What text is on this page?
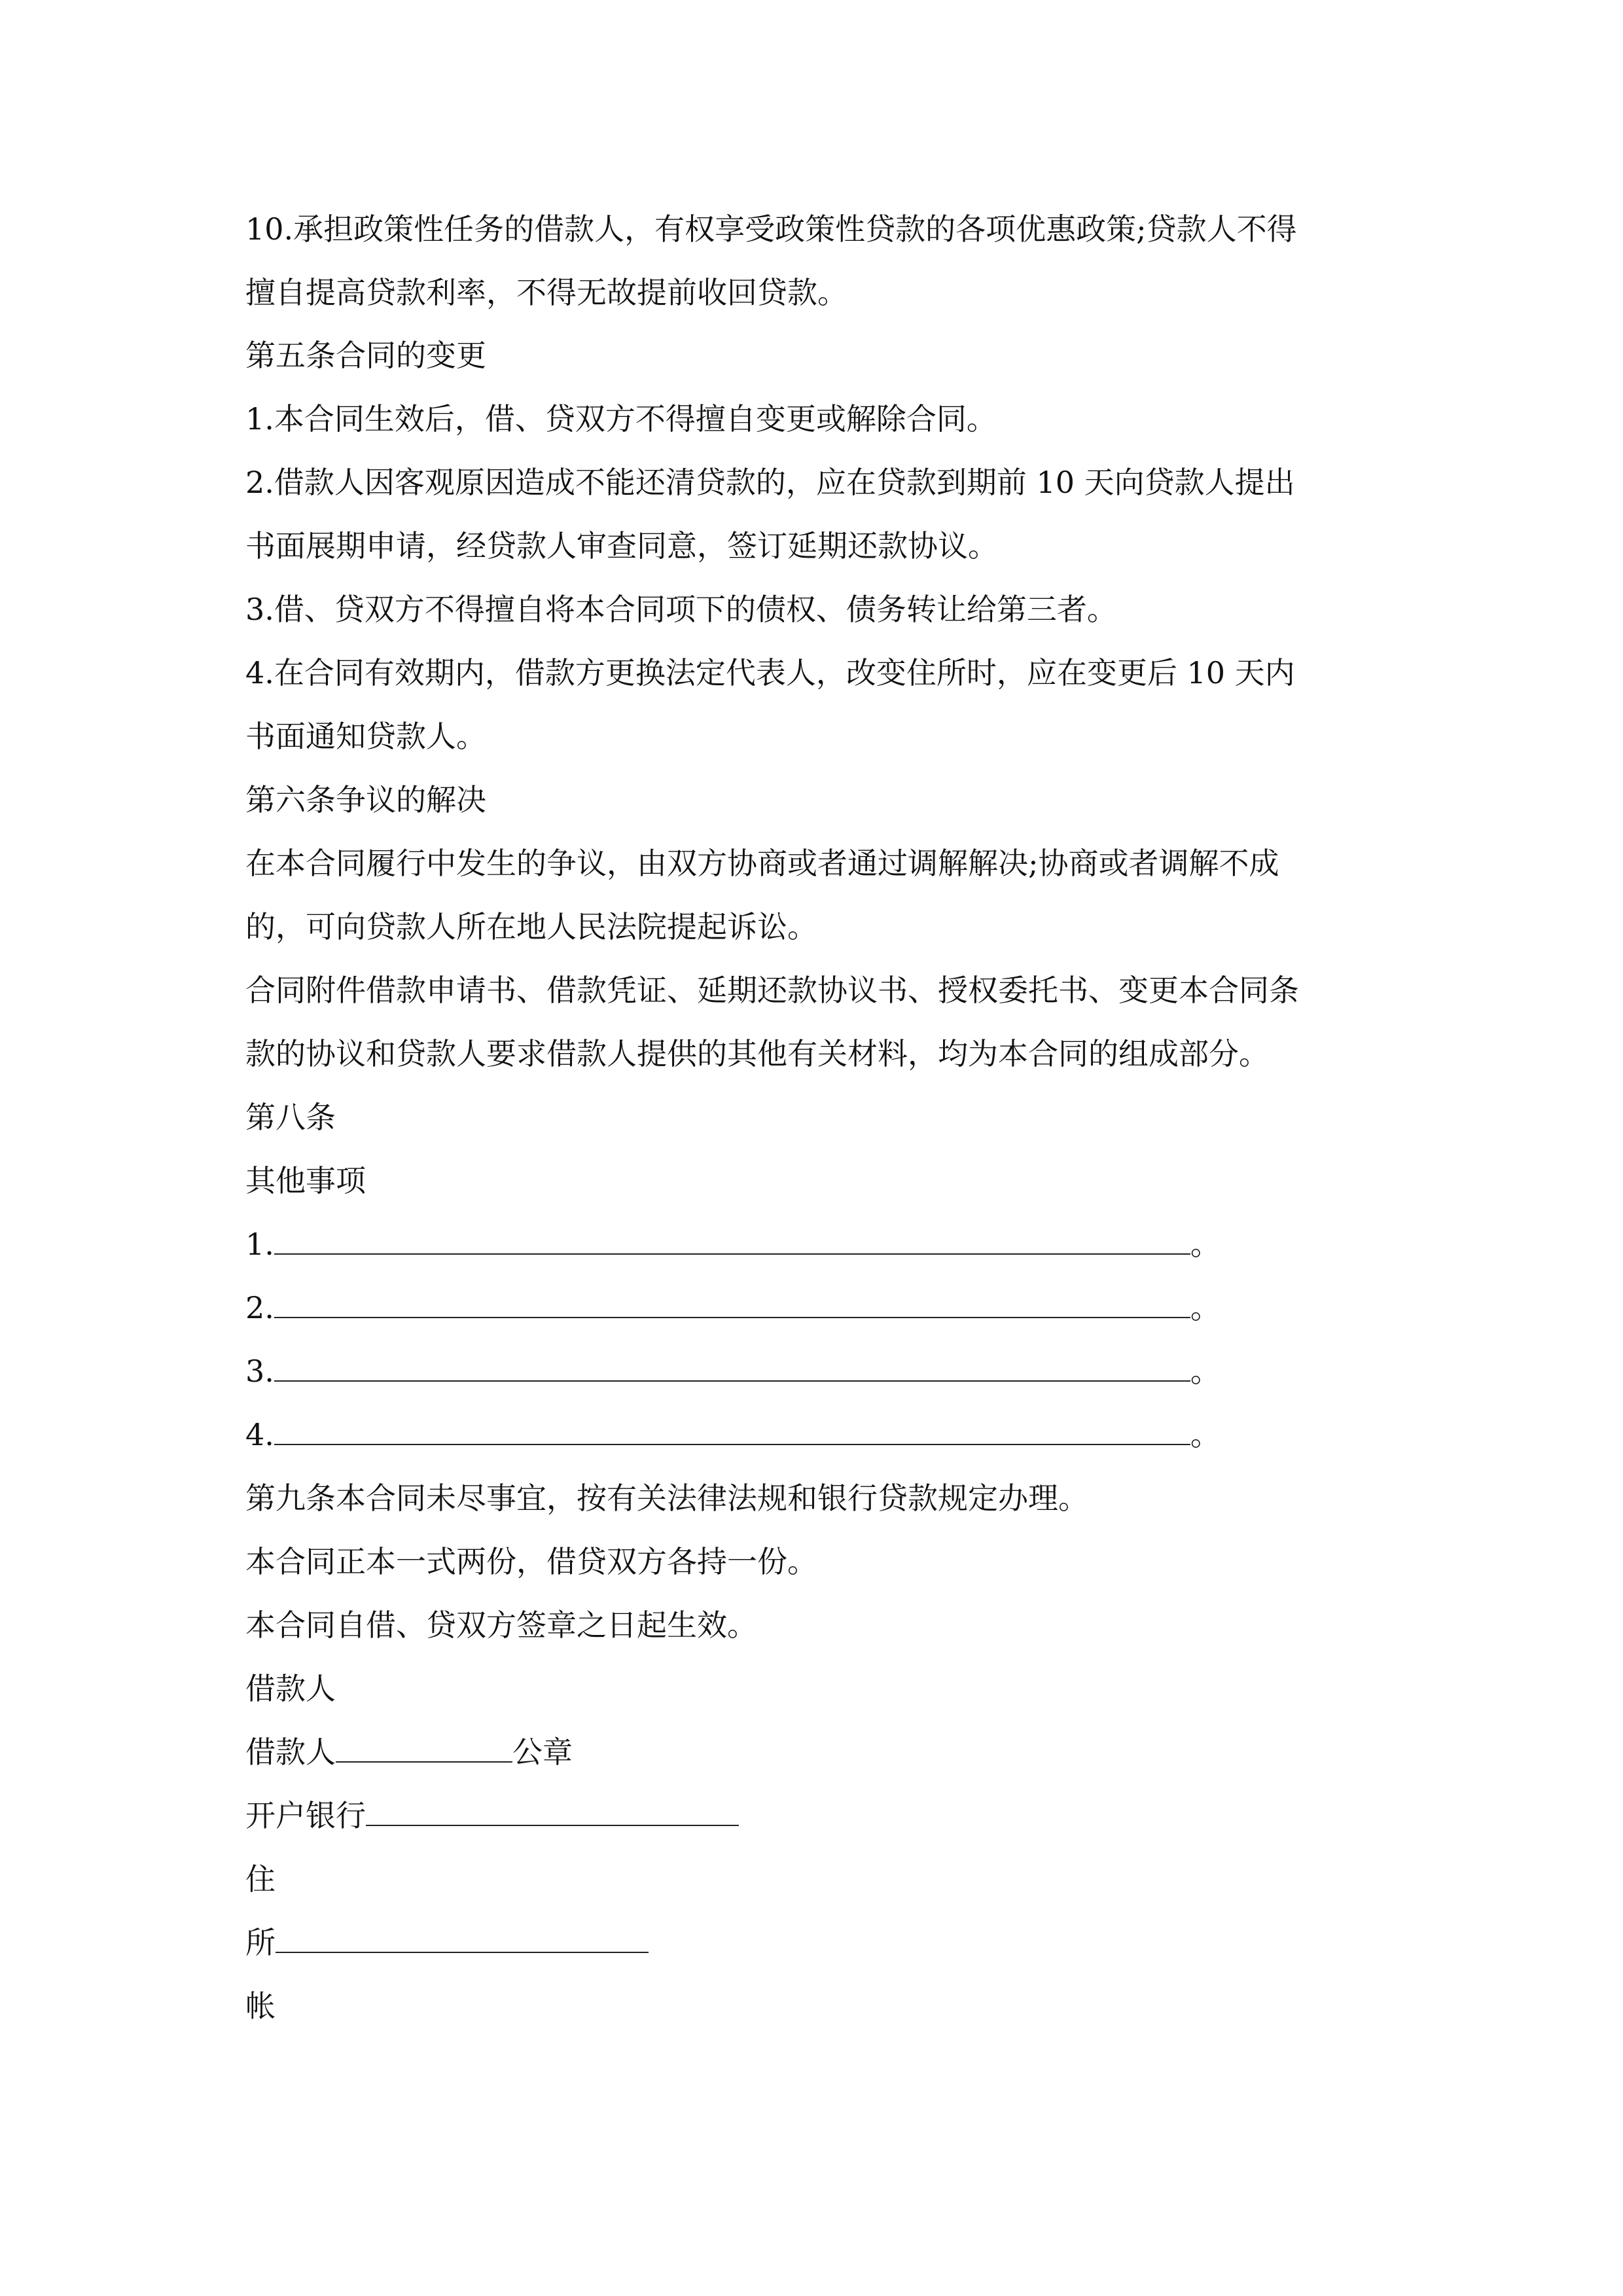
10.承担政策性任务的借款人，有权享受政策性贷款的各项优惠政策;贷款人不得
擅自提高贷款利率，不得无故提前收回贷款。
第五条合同的变更
1.本合同生效后，借、贷双方不得擅自变更或解除合同。
2.借款人因客观原因造成不能还清贷款的，应在贷款到期前 10 天向贷款人提出
书面展期申请，经贷款人审查同意，签订延期还款协议。
3.借、贷双方不得擅自将本合同项下的债权、债务转让给第三者。
4.在合同有效期内，借款方更换法定代表人，改变住所时，应在变更后 10 天内
书面通知贷款人。
第六条争议的解决
在本合同履行中发生的争议，由双方协商或者通过调解解决;协商或者调解不成
的，可向贷款人所在地人民法院提起诉讼。
合同附件借款申请书、借款凭证、延期还款协议书、授权委托书、变更本合同条
款的协议和贷款人要求借款人提供的其他有关材料，均为本合同的组成部分。
第八条
其他事项
1.	。
2.	。
3.	。
4.	。
第九条本合同未尽事宜，按有关法律法规和银行贷款规定办理。
本合同正本一式两份，借贷双方各持一份。
本合同自借、贷双方签章之日起生效。
借款人
借款人	公章
开户银行
住
所
帐
